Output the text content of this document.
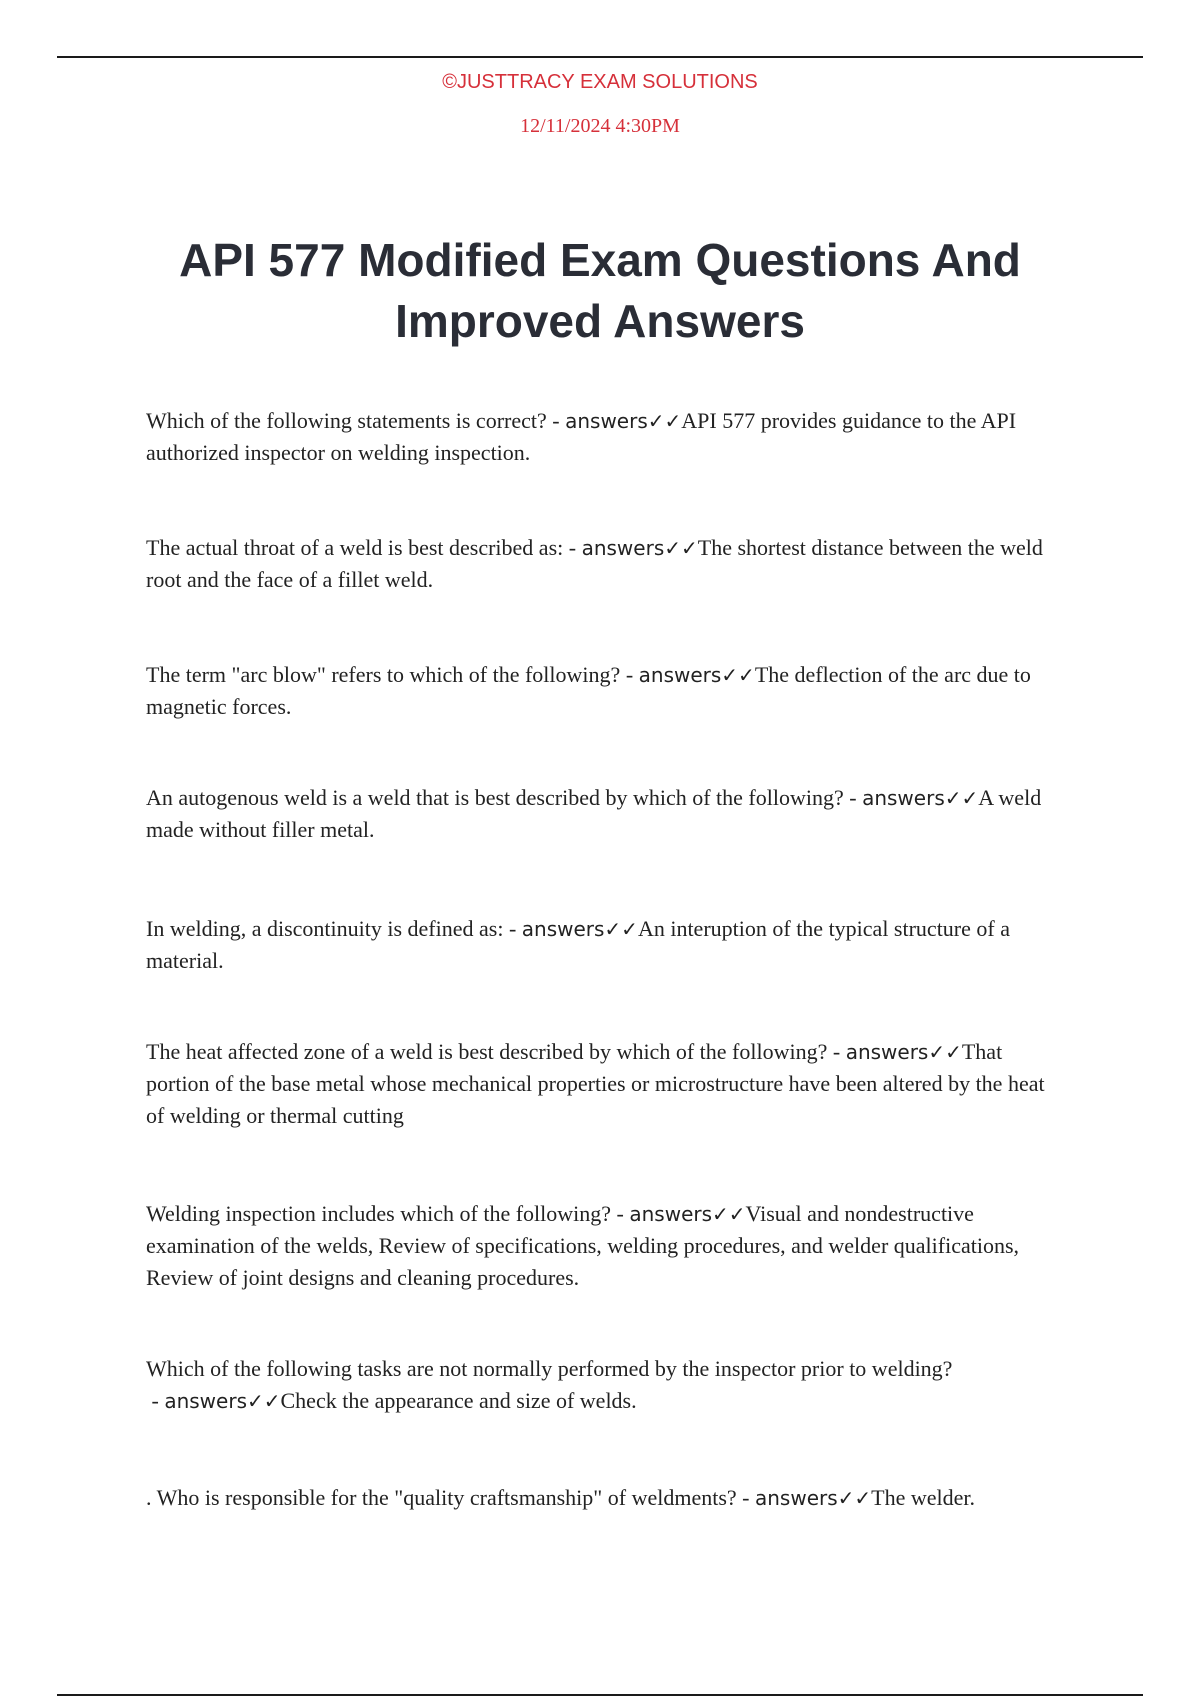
©JUSTTRACY EXAM SOLUTIONS
12/11/2024 4:30PM
API 577 Modified Exam Questions And Improved Answers

Which of the following statements is correct? - answers✓✓API 577 provides guidance to the API authorized inspector on welding inspection.

The actual throat of a weld is best described as: - answers✓✓The shortest distance between the weld root and the face of a fillet weld.

The term "arc blow" refers to which of the following? - answers✓✓The deflection of the arc due to magnetic forces.

An autogenous weld is a weld that is best described by which of the following? - answers✓✓A weld made without filler metal.

In welding, a discontinuity is defined as: - answers✓✓An interuption of the typical structure of a material.

The heat affected zone of a weld is best described by which of the following? - answers✓✓That portion of the base metal whose mechanical properties or microstructure have been altered by the heat of welding or thermal cutting

Welding inspection includes which of the following? - answers✓✓Visual and nondestructive examination of the welds, Review of specifications, welding procedures, and welder qualifications, Review of joint designs and cleaning procedures.

Which of the following tasks are not normally performed by the inspector prior to welding? - answers✓✓Check the appearance and size of welds.

. Who is responsible for the "quality craftsmanship" of weldments? - answers✓✓The welder.
